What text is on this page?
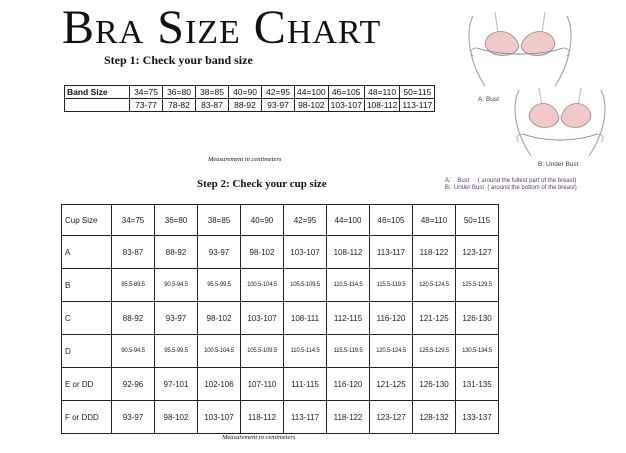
Bra Size Chart
Step 1: Check your band size
Band Size	34=75	36=80	38=85	40=90	42=95	44=100	46=105	48=110	50=115
	73-77	78-82	83-87	88-92	93-97	98-102	103-107	108-112	113-117
Measurement in centimeters
Step 2: Check your cup size
Cup Size	34=75	36=80	38=85	40=90	42=95	44=100	46=105	48=110	50=115
A	83-87	88-92	93-97	98-102	103-107	108-112	113-117	118-122	123-127
B	85.5-89.5	90.5-94.5	95.5-99.5	100.5-104.5	105.5-109.5	110.5-114.5	115.5-119.5	120.5-124.5	125.5-129.5
C	88-92	93-97	98-102	103-107	108-111	112-115	116-120	121-125	126-130
D	90.5-94.5	95.5-99.5	100.5-104.5	105.5-109.5	110.5-114.5	115.5-119.5	120.5-124.5	125.5-129.5	130.5-134.5
E or DD	92-96	97-101	102-106	107-110	111-115	116-120	121-125	126-130	131-135
F or DDD	93-97	98-102	103-107	118-112	113-117	118-122	123-127	128-132	133-137
Measurement in centimeters
A: Bust
B: Under Bust
A: Bust ( around the fullest part of the breast)
B: Under Bust ( around the bottom of the breast)
